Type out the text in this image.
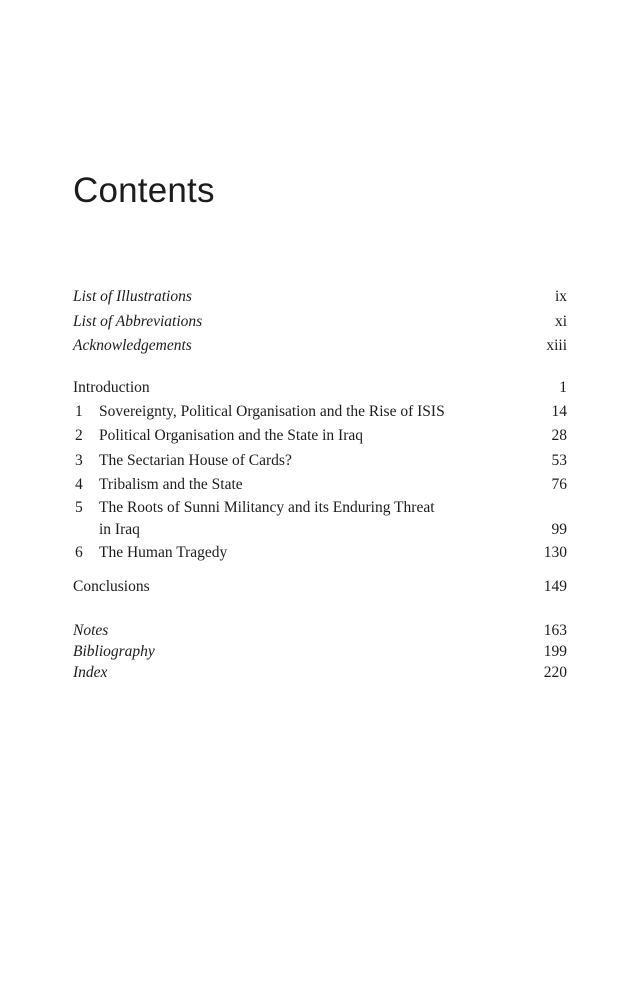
Contents
List of Illustrations	ix
List of Abbreviations	xi
Acknowledgements	xiii
Introduction	1
1 Sovereignty, Political Organisation and the Rise of ISIS	14
2 Political Organisation and the State in Iraq	28
3 The Sectarian House of Cards?	53
4 Tribalism and the State	76
5 The Roots of Sunni Militancy and its Enduring Threat
in Iraq	99
6 The Human Tragedy	130
Conclusions	149
Notes	163
Bibliography	199
Index	220
